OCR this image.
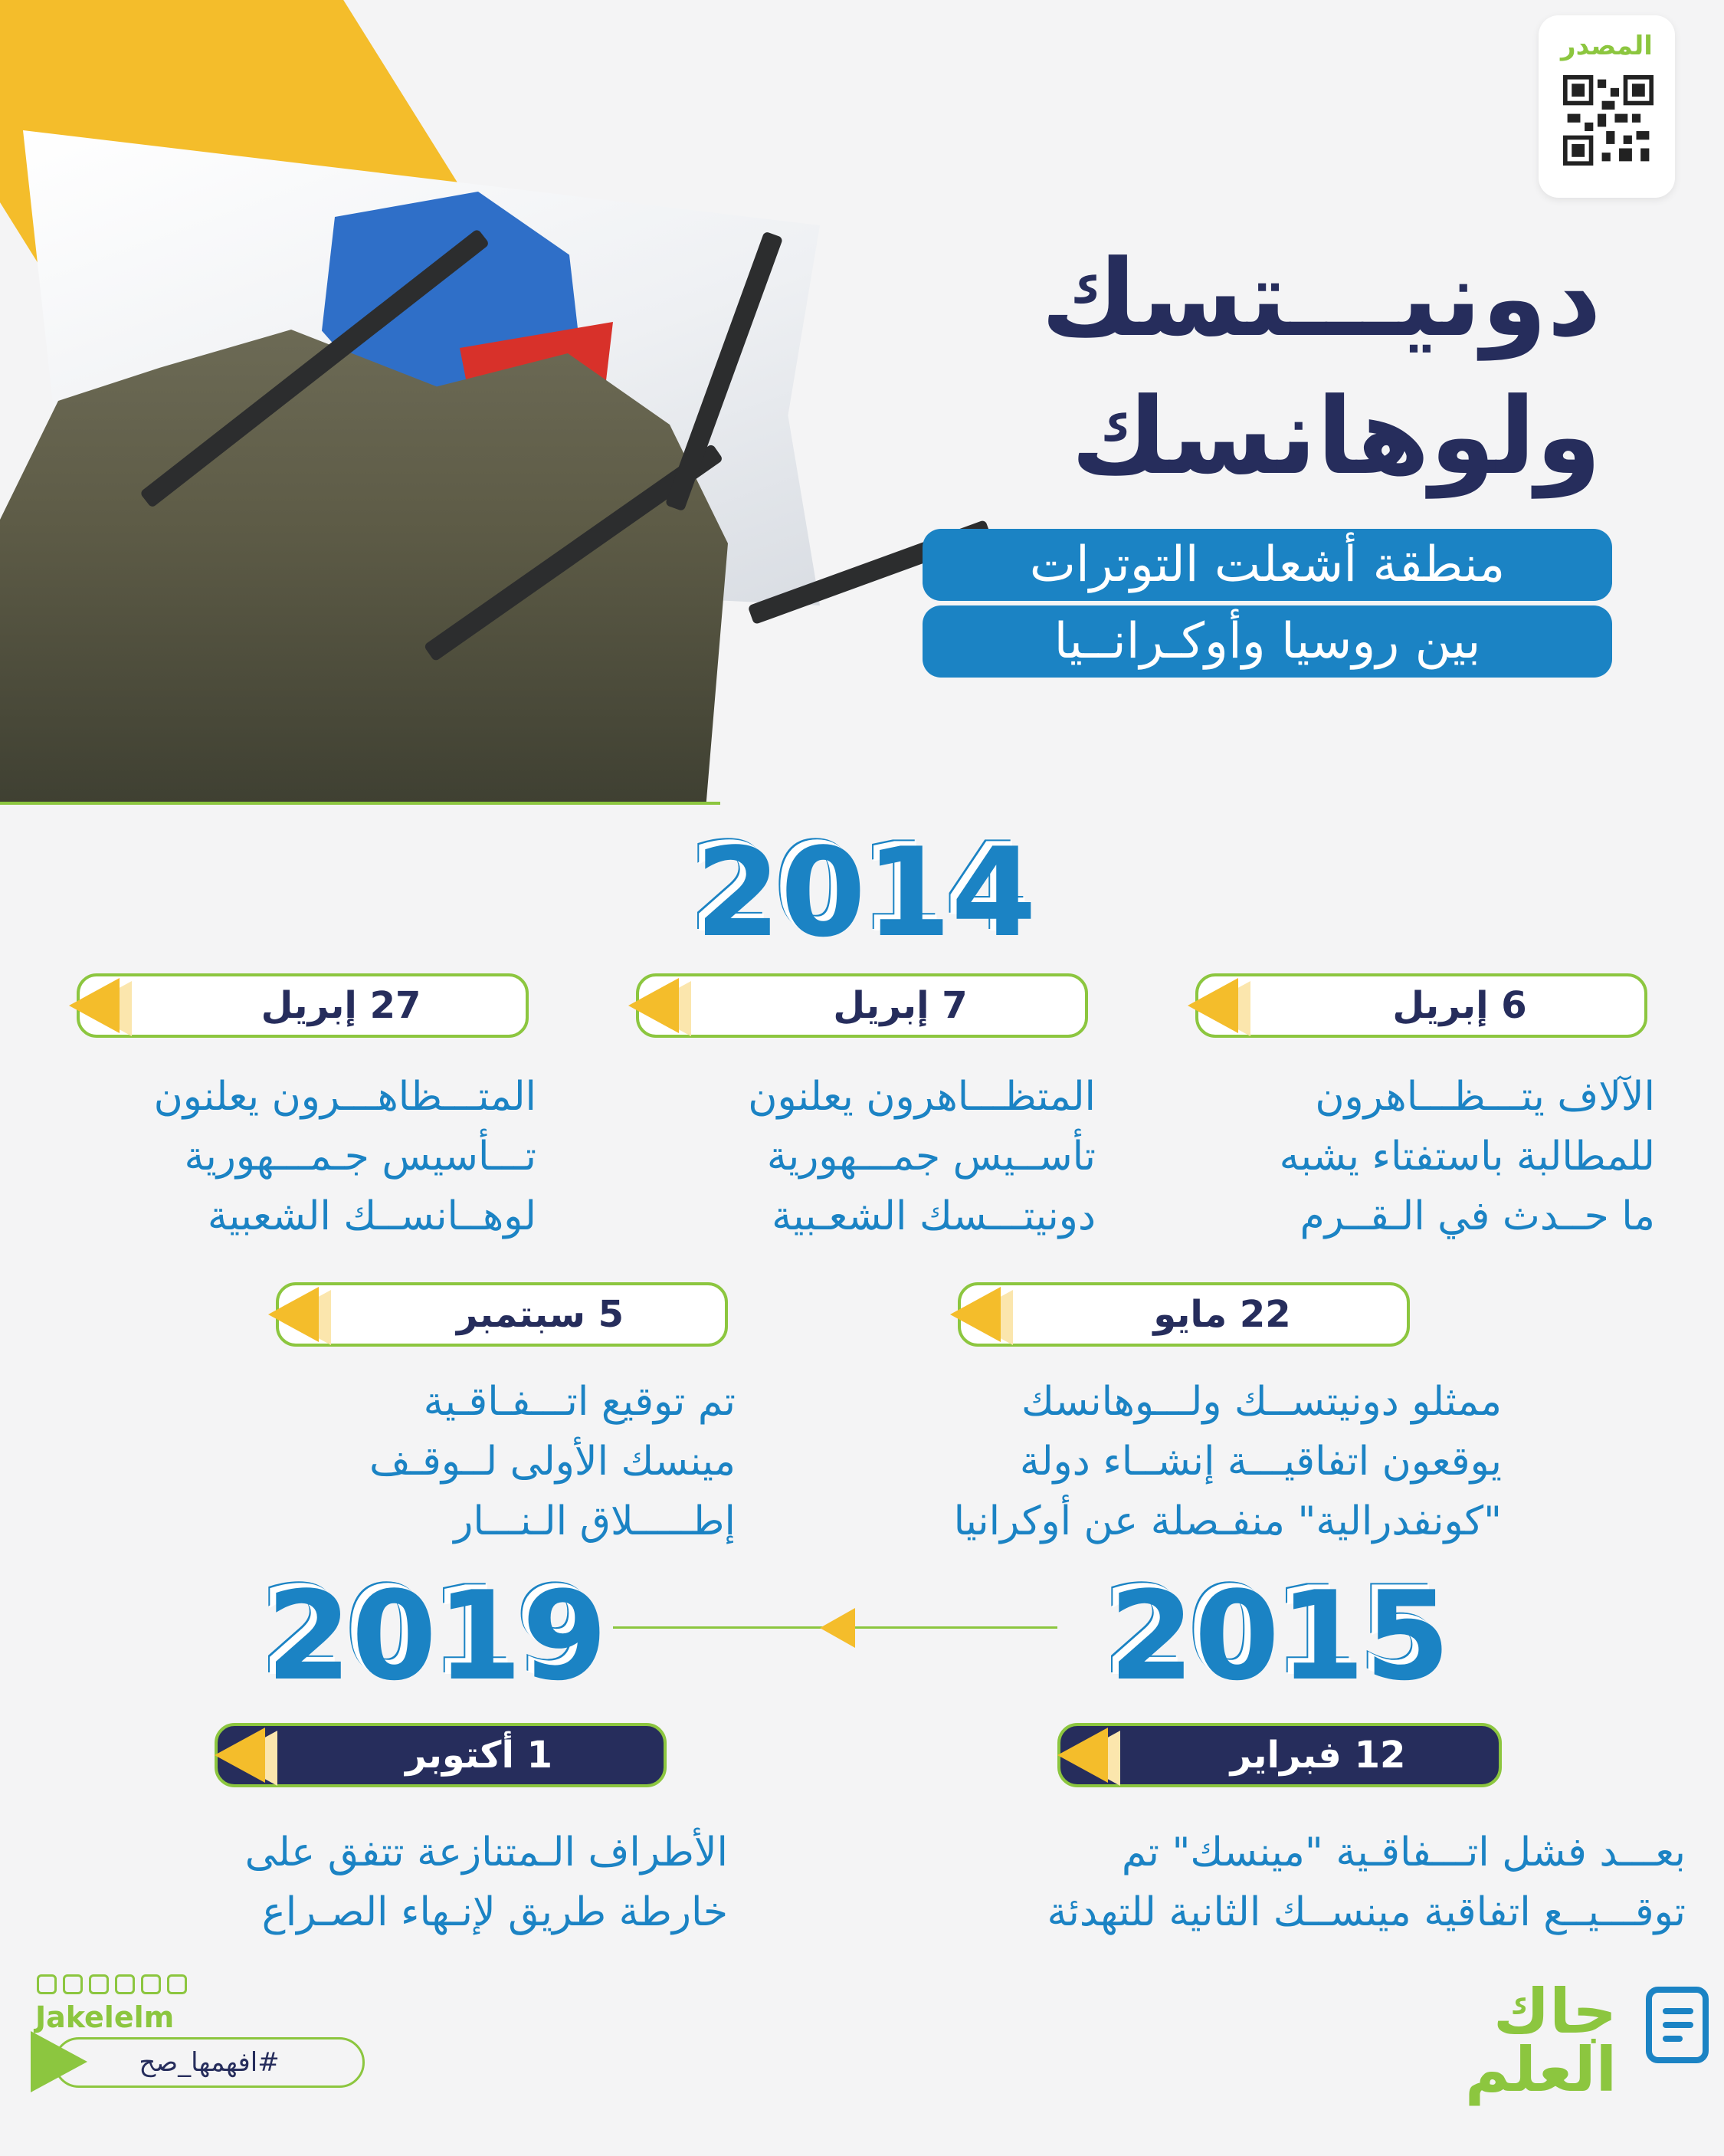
المصدر
دونيـــتسك
ولوهانسك
منطقة أشعلت التوترات
بين روسيا وأوكـرانــيا
2014
6 إبريل
الآلاف يتـــظـــاهرون
للمطالبة باستفتاء يشبه
ما حــدث في الـقــرم
7 إبريل
المتظـــاهرون يعلنون
تأســيس جمـــهورية
دونيتـــسك الشعـبية
27 إبريل
المتـــظاهـــرون يعلنون
تـــأسيس جـمـــهورية
لوهــانســك الشعبية
22 مايو
ممثلو دونيتســك ولـــوهانسك
يوقعون اتفاقيـــة إنشــاء دولة
"كونفدرالية" منفـصلة عن أوكرانيا
5 سبتمبر
تم توقيع اتـــفـاقـية
مينسك الأولى لــوقـف
إطـــــلاق الـنـــار
2015
2019
12 فبراير
بعـــد فشل اتـــفاقـية "مينسك" تم
توقـــيــع اتفاقية مينســك الثانية للتهدئة
1 أكتوبر
الأطراف الـمتنازعة تتفق على
خارطة طريق لإنـهاء الصـراع
Jakelelm
#افهمها_صح
جاك
العلم
